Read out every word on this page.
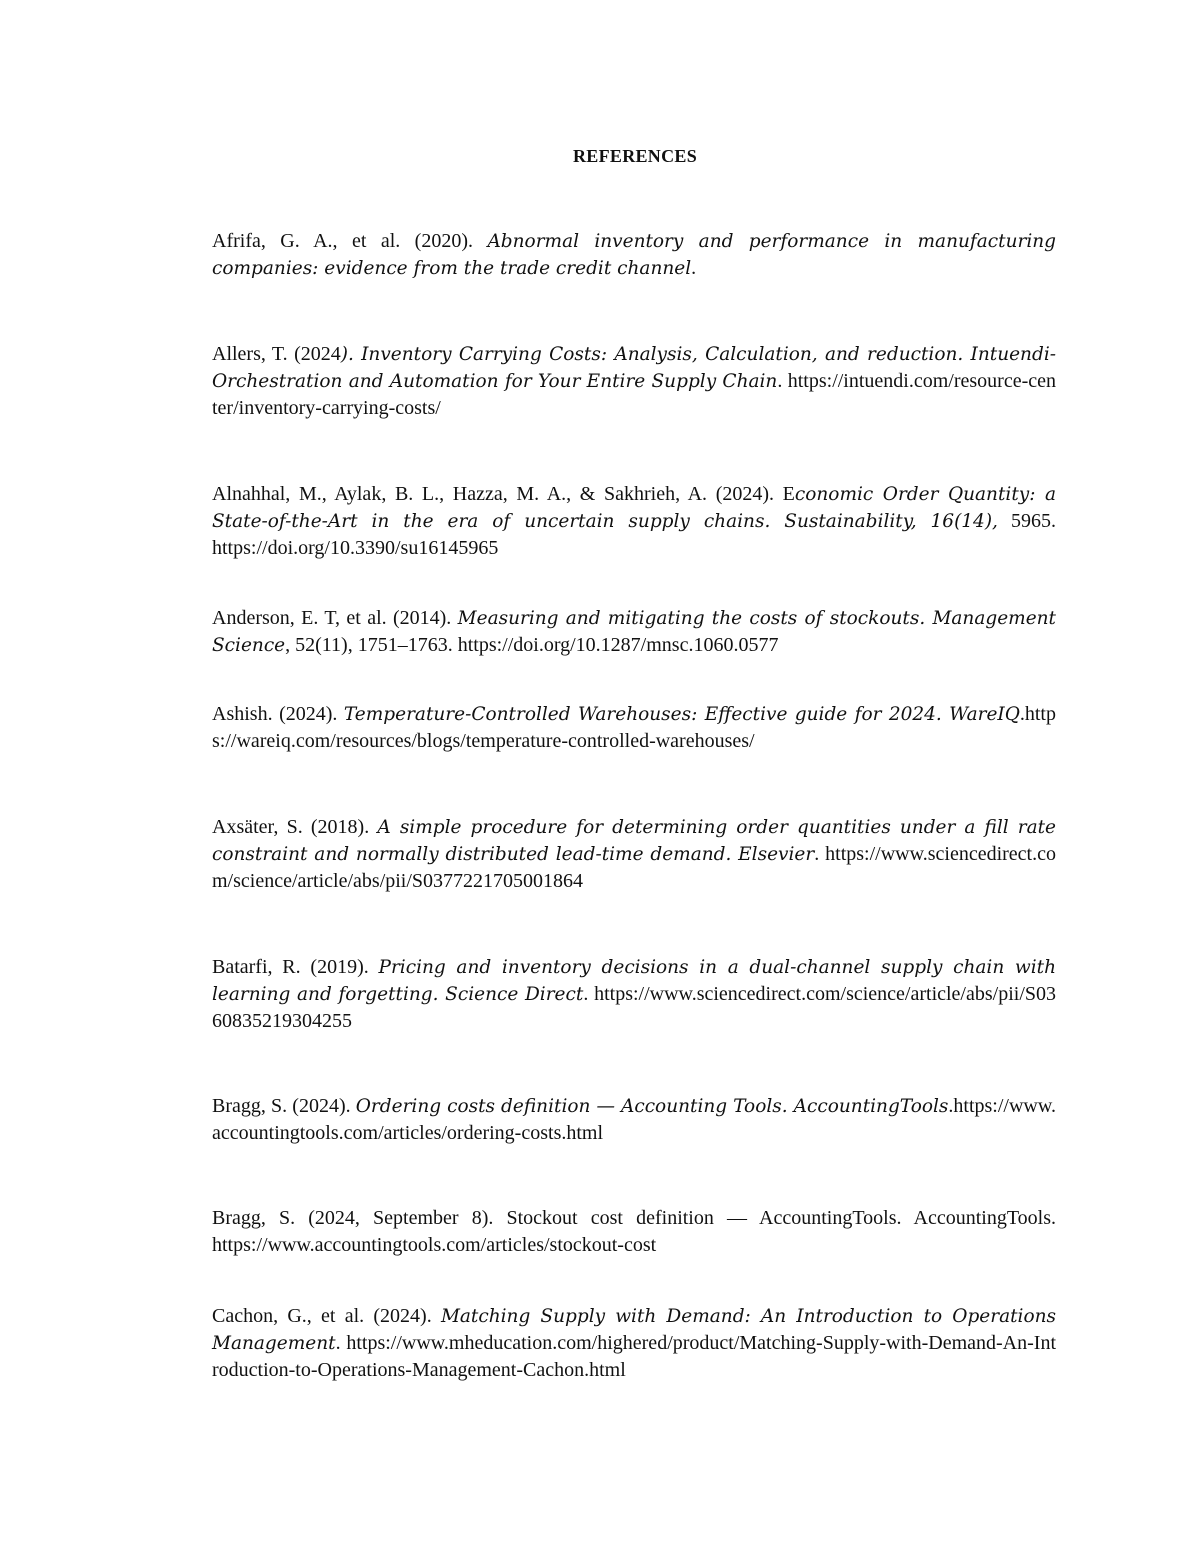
REFERENCES
Afrifa, G. A., et al. (2020). Abnormal inventory and performance in manufacturing companies: evidence from the trade credit channel.
Allers, T. (2024). Inventory Carrying Costs: Analysis, Calculation, and reduction. Intuendi- Orchestration and Automation for Your Entire Supply Chain. https://intuendi.com/resource-center/inventory-carrying-costs/
Alnahhal, M., Aylak, B. L., Hazza, M. A., & Sakhrieh, A. (2024). Economic Order Quantity: a State-of-the-Art in the era of uncertain supply chains. Sustainability, 16(14), 5965. https://doi.org/10.3390/su16145965
Anderson, E. T, et al. (2014). Measuring and mitigating the costs of stockouts. Management Science, 52(11), 1751–1763. https://doi.org/10.1287/mnsc.1060.0577
Ashish. (2024). Temperature-Controlled Warehouses: Effective guide for 2024. WareIQ.https://wareiq.com/resources/blogs/temperature-controlled-warehouses/
Axsäter, S. (2018). A simple procedure for determining order quantities under a fill rate constraint and normally distributed lead-time demand. Elsevier. https://www.sciencedirect.com/science/article/abs/pii/S0377221705001864
Batarfi, R. (2019). Pricing and inventory decisions in a dual-channel supply chain with learning and forgetting. Science Direct. https://www.sciencedirect.com/science/article/abs/pii/S0360835219304255
Bragg, S. (2024). Ordering costs definition — Accounting Tools. AccountingTools.https://www.accountingtools.com/articles/ordering-costs.html
Bragg, S. (2024, September 8). Stockout cost definition — AccountingTools. AccountingTools. https://www.accountingtools.com/articles/stockout-cost
Cachon, G., et al. (2024). Matching Supply with Demand: An Introduction to Operations Management. https://www.mheducation.com/highered/product/Matching-Supply-with-Demand-An-Introduction-to-Operations-Management-Cachon.html
